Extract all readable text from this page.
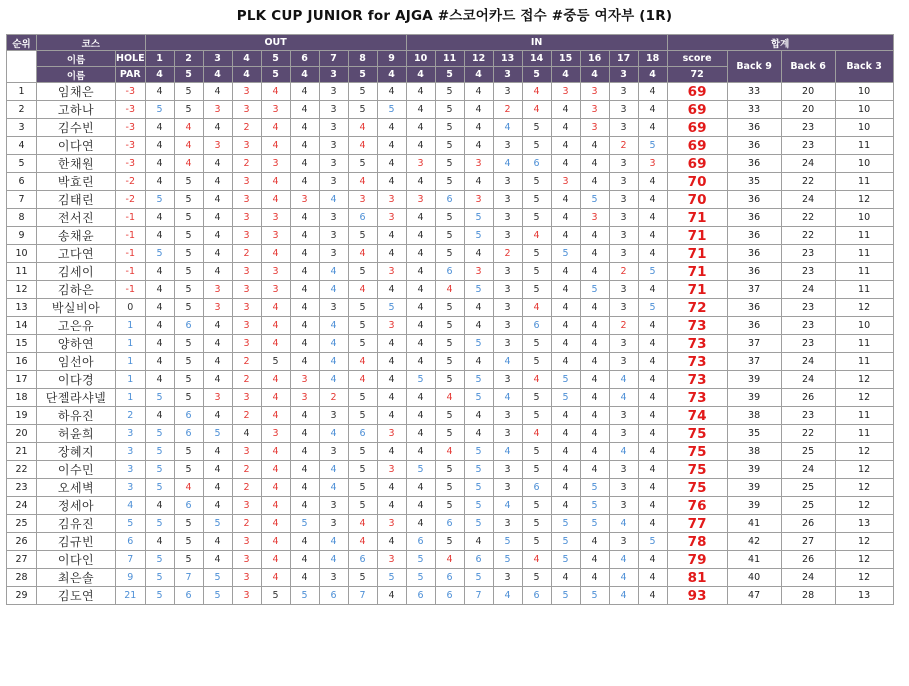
PLK CUP JUNIOR for AJGA #스코어카드 접수 #중등 여자부 (1R)
순위	코스		OUT									IN									합계			
	이름	HOLE	1	2	3	4	5	6	7	8	9	10	11	12	13	14	15	16	17	18	score	Back 9	Back 6	Back 3
	이름	PAR	4	5	4	4	5	4	3	5	4	4	5	4	3	5	4	4	3	4	72			
1	임채은	-3	4	5	4	3	4	4	3	5	4	4	5	4	3	4	3	3	3	4	69	33	20	10
2	고하나	-3	5	5	3	3	3	4	3	5	5	4	5	4	2	4	4	3	3	4	69	33	20	10
3	김수빈	-3	4	4	4	2	4	4	3	4	4	4	5	4	4	5	4	3	3	4	69	36	23	10
4	이다연	-3	4	4	3	3	4	4	3	4	4	4	5	4	3	5	4	4	2	5	69	36	23	11
5	한채원	-3	4	4	4	2	3	4	3	5	4	3	5	3	4	6	4	4	3	3	69	36	24	10
6	박효린	-2	4	5	4	3	4	4	3	4	4	4	5	4	3	5	3	4	3	4	70	35	22	11
7	김태린	-2	5	5	4	3	4	3	4	3	3	3	6	3	3	5	4	5	3	4	70	36	24	12
8	전서진	-1	4	5	4	3	3	4	3	6	3	4	5	5	3	5	4	3	3	4	71	36	22	10
9	송채윤	-1	4	5	4	3	3	4	3	5	4	4	5	5	3	4	4	4	3	4	71	36	22	11
10	고다연	-1	5	5	4	2	4	4	3	4	4	4	5	4	2	5	5	4	3	4	71	36	23	11
11	김세이	-1	4	5	4	3	3	4	4	5	3	4	6	3	3	5	4	4	2	5	71	36	23	11
12	김하은	-1	4	5	3	3	3	4	4	4	4	4	4	5	3	5	4	5	3	4	71	37	24	11
13	박실비아	0	4	5	3	3	4	4	3	5	5	4	5	4	3	4	4	4	3	5	72	36	23	12
14	고은유	1	4	6	4	3	4	4	4	5	3	4	5	4	3	6	4	4	2	4	73	36	23	10
15	양하연	1	4	5	4	3	4	4	4	5	4	4	5	5	3	5	4	4	3	4	73	37	23	11
16	임선아	1	4	5	4	2	5	4	4	4	4	4	5	4	4	5	4	4	3	4	73	37	24	11
17	이다경	1	4	5	4	2	4	3	4	4	4	5	5	5	3	4	5	4	4	4	73	39	24	12
18	단젤라샤넬	1	5	5	3	3	4	3	2	5	4	4	4	5	4	5	5	4	4	4	73	39	26	12
19	하유진	2	4	6	4	2	4	4	3	5	4	4	5	4	3	5	4	4	3	4	74	38	23	11
20	허윤희	3	5	6	5	4	3	4	4	6	3	4	5	4	3	4	4	4	3	4	75	35	22	11
21	장혜지	3	5	5	4	3	4	4	3	5	4	4	4	5	4	5	4	4	4	4	75	38	25	12
22	이수민	3	5	5	4	2	4	4	4	5	3	5	5	5	3	5	4	4	3	4	75	39	24	12
23	오세벽	3	5	4	4	2	4	4	4	5	4	4	5	5	3	6	4	5	3	4	75	39	25	12
24	정세아	4	4	6	4	3	4	4	3	5	4	4	5	5	4	5	4	5	3	4	76	39	25	12
25	김유진	5	5	5	5	2	4	5	3	4	3	4	6	5	3	5	5	5	4	4	77	41	26	13
26	김규빈	6	4	5	4	3	4	4	4	4	4	6	5	4	5	5	5	4	3	5	78	42	27	12
27	이다인	7	5	5	4	3	4	4	4	6	3	5	4	6	5	4	5	4	4	4	79	41	26	12
28	최은솔	9	5	7	5	3	4	4	3	5	5	5	6	5	3	5	4	4	4	4	81	40	24	12
29	김도연	21	5	6	5	3	5	5	6	7	4	6	6	7	4	6	5	5	4	4	93	47	28	13
